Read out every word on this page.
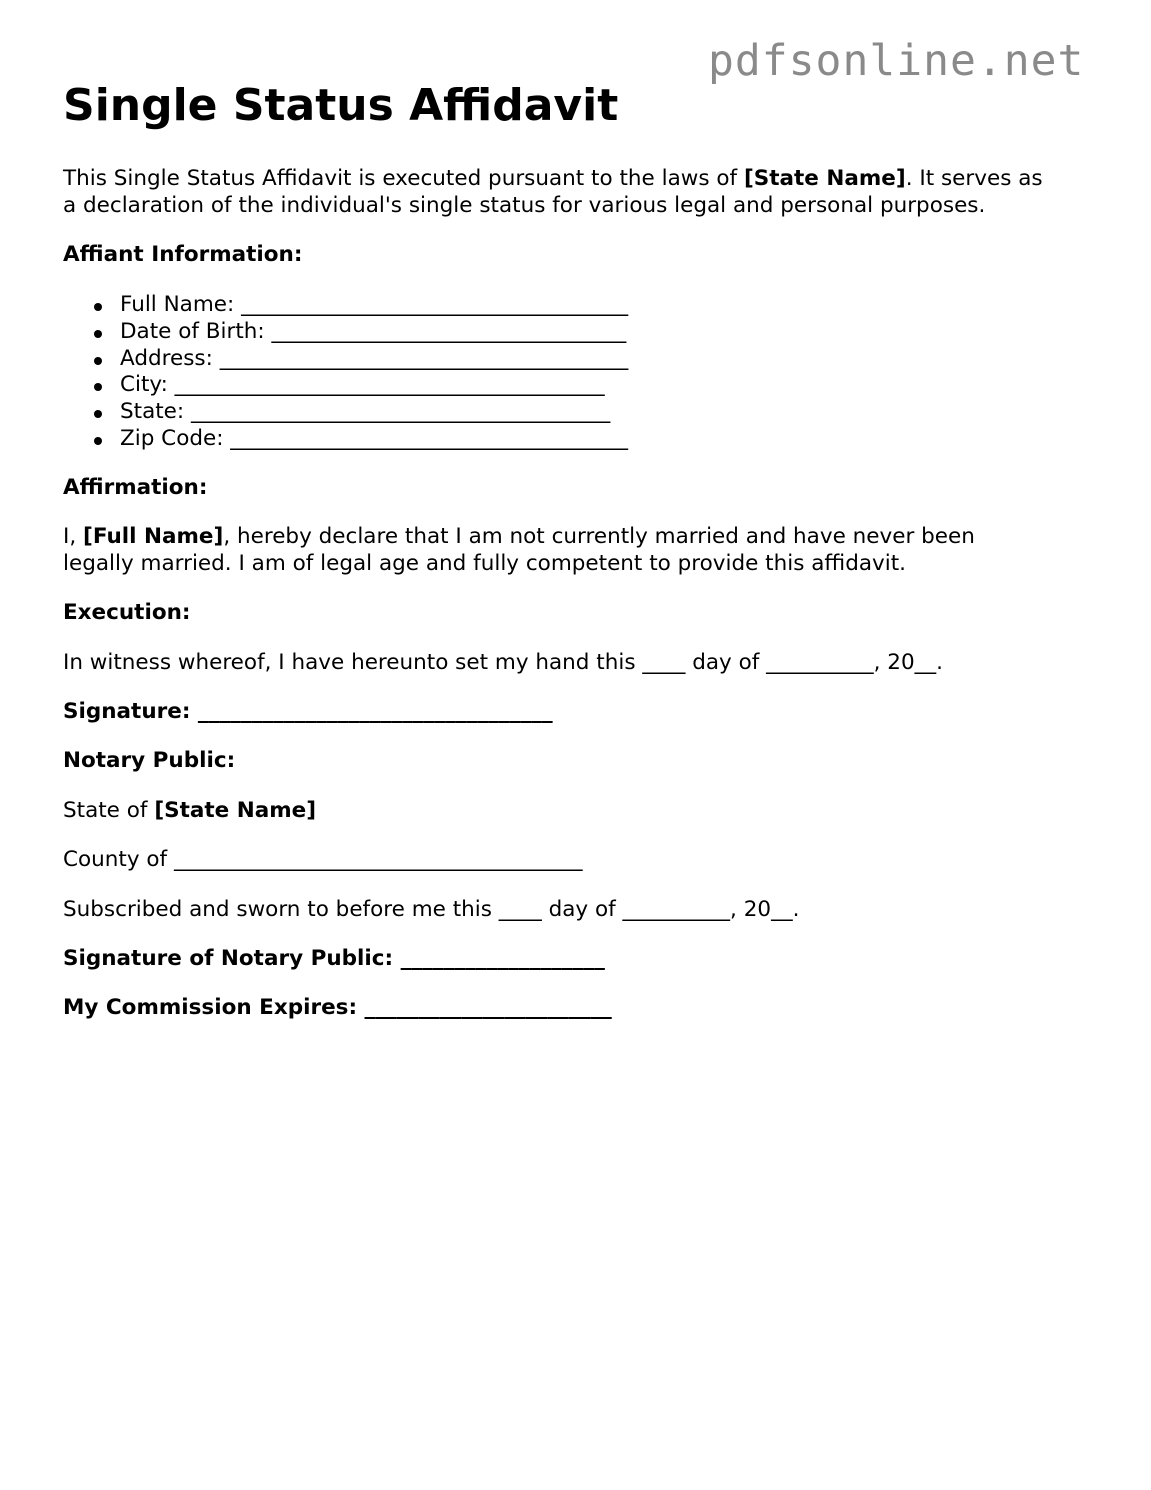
pdfsonline.net
Single Status Affidavit
This Single Status Affidavit is executed pursuant to the laws of [State Name]. It serves as
a declaration of the individual's single status for various legal and personal purposes.
Affiant Information:
Full Name: ____________________________________
Date of Birth: _________________________________
Address: ______________________________________
City: ________________________________________
State: _______________________________________
Zip Code: _____________________________________
Affirmation:
I, [Full Name], hereby declare that I am not currently married and have never been
legally married. I am of legal age and fully competent to provide this affidavit.
Execution:
In witness whereof, I have hereunto set my hand this ____ day of __________, 20__.
Signature: _________________________________
Notary Public:
State of [State Name]
County of ______________________________________
Subscribed and sworn to before me this ____ day of __________, 20__.
Signature of Notary Public: ___________________
My Commission Expires: _______________________
